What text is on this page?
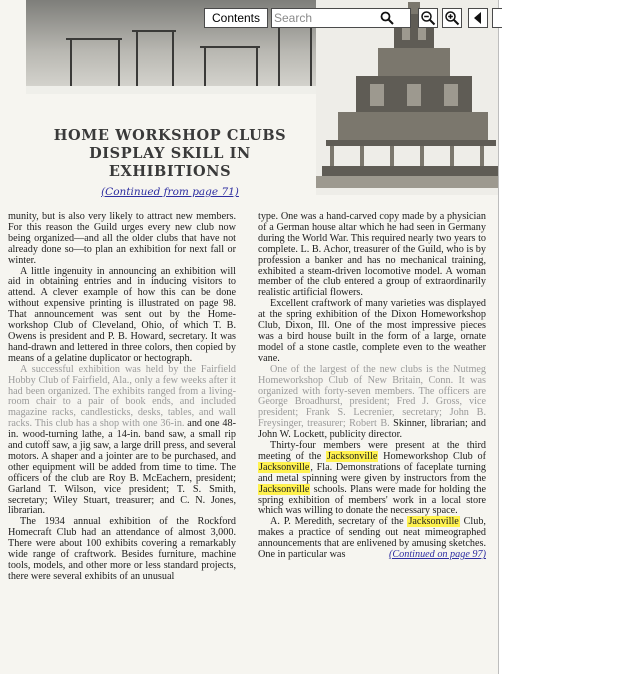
HOME WORKSHOP CLUBS
DISPLAY SKILL IN
EXHIBITIONS
(Continued from page 71)

munity, but is also very likely to attract new members. For this reason the Guild urges every new club now being organized—and all the older clubs that have not already done so—to plan an exhibition for next fall or winter.

A little ingenuity in announcing an exhibition will aid in obtaining entries and in inducing visitors to attend. A clever example of how this can be done without expensive printing is illustrated on page 98. That announcement was sent out by the Home-workshop Club of Cleveland, Ohio, of which T. B. Owens is president and P. B. Howard, secretary. It was hand-drawn and lettered in three colors, then copied by means of a gelatine duplicator or hectograph.

A successful exhibition was held by the Fairfield Hobby Club of Fairfield, Ala., only a few weeks after it had been organized. The exhibits ranged from a living-room chair to a pair of book ends, and included magazine racks, candlesticks, desks, tables, and wall racks. This club has a shop with one 36-in. and one 48-in. wood-turning lathe, a 14-in. band saw, a small rip and cutoff saw, a jig saw, a large drill press, and several motors. A shaper and a jointer are to be purchased, and other equipment will be added from time to time. The officers of the club are Roy B. McEachern, president; Garland T. Wilson, vice president; T. S. Smith, secretary; Wiley Stuart, treasurer; and C. N. Jones, librarian.

The 1934 annual exhibition of the Rockford Homecraft Club had an attendance of almost 3,000. There were about 100 exhibits covering a remarkably wide range of craftwork. Besides furniture, machine tools, models, and other more or less standard projects, there were several exhibits of an unusual

type. One was a hand-carved copy made by a physician of a German house altar which he had seen in Germany during the World War. This required nearly two years to complete. L. B. Achor, treasurer of the Guild, who is by profession a banker and has no mechanical training, exhibited a steam-driven locomotive model. A woman member of the club entered a group of extraordinarily realistic artificial flowers.

Excellent craftwork of many varieties was displayed at the spring exhibition of the Dixon Homeworkshop Club, Dixon, Ill. One of the most impressive pieces was a bird house built in the form of a large, ornate model of a stone castle, complete even to the weather vane.

One of the largest of the new clubs is the Nutmeg Homeworkshop Club of New Britain, Conn. It was organized with forty-seven members. The officers are George Broadhurst, president; Fred J. Gross, vice president; Frank S. Lecrenier, secretary; John B. Freysinger, treasurer; Robert B. Skinner, librarian; and John W. Lockett, publicity director.

Thirty-four members were present at the third meeting of the Jacksonville Homeworkshop Club of Jacksonville, Fla. Demonstrations of faceplate turning and metal spinning were given by instructors from the Jacksonville schools. Plans were made for holding the spring exhibition of members' work in a local store which was willing to donate the necessary space.

A. P. Meredith, secretary of the Jacksonville Club, makes a practice of sending out neat mimeographed announcements that are enlivened by amusing sketches. One in particular was	(Continued on page 97)

Contents
Search
